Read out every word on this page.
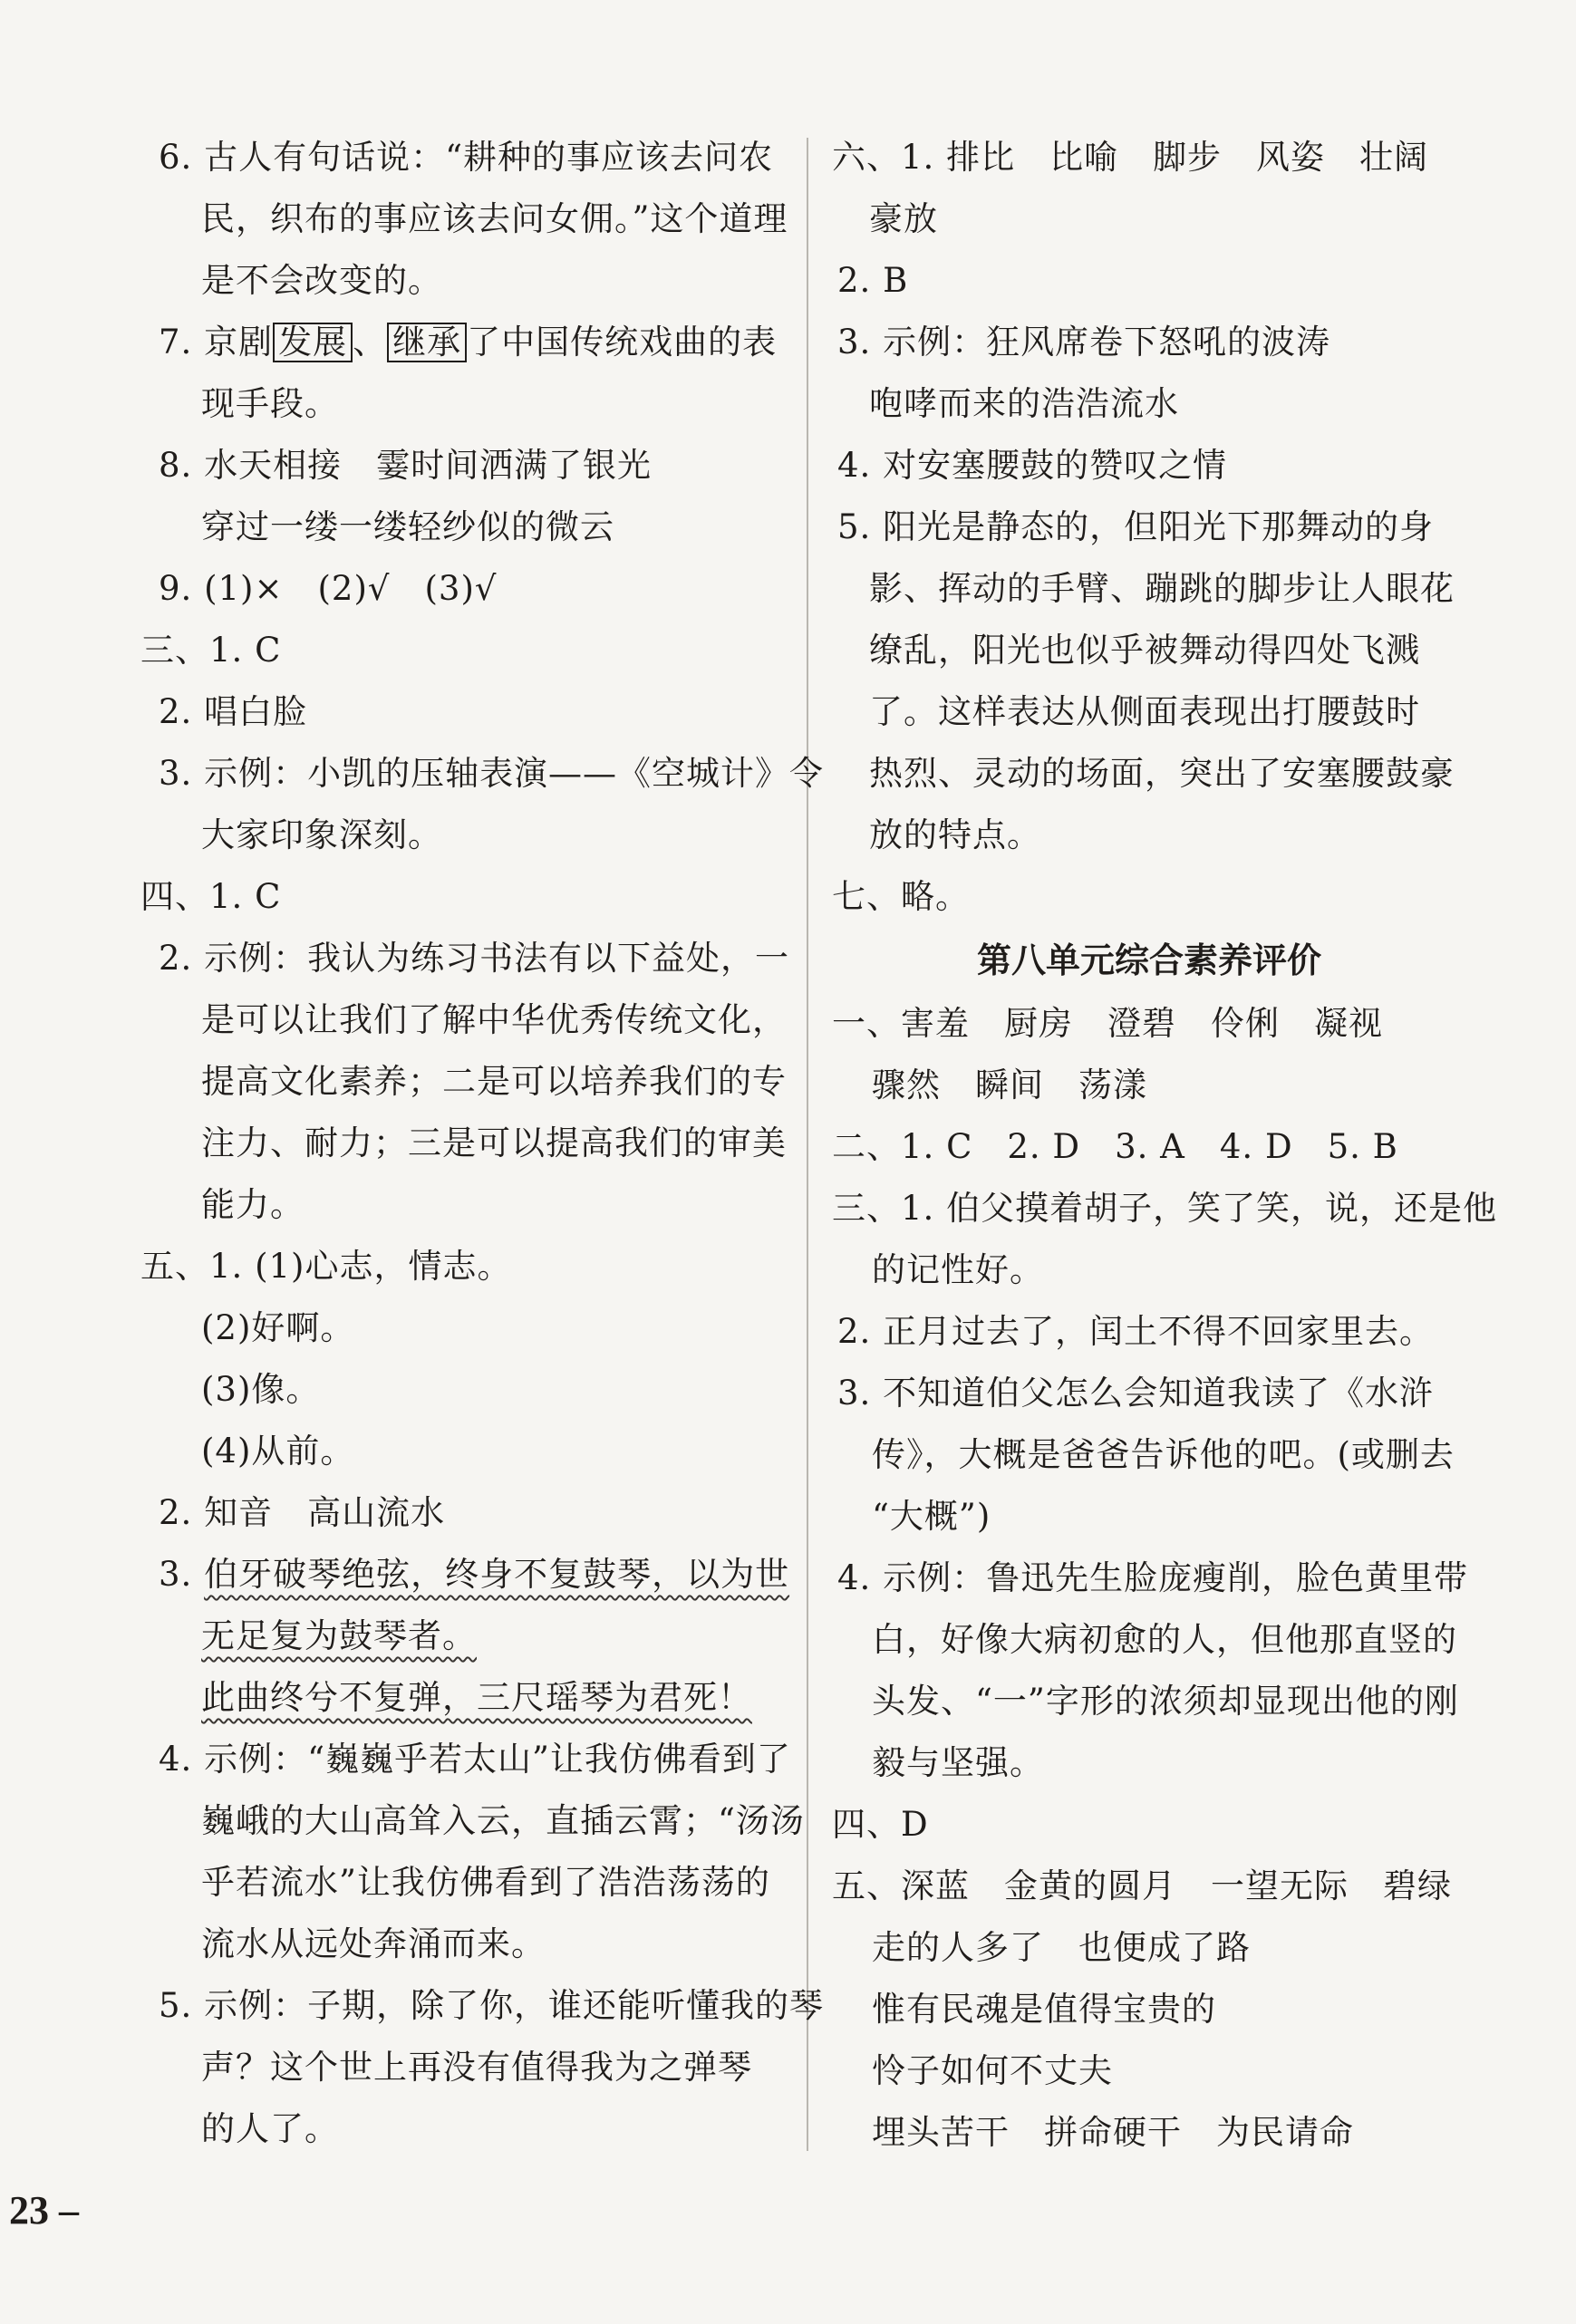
6. 古人有句话说：“耕种的事应该去问农
民，织布的事应该去问女佣。”这个道理
是不会改变的。
7. 京剧 发展 、 继承 了中国传统戏曲的表
现手段。
8. 水天相接　霎时间洒满了银光
穿过一缕一缕轻纱似的微云
9. (1)×　(2)√　(3)√
三、1. C
2. 唱白脸
3. 示例：小凯的压轴表演——《空城计》令
大家印象深刻。
四、1. C
2. 示例：我认为练习书法有以下益处，一
是可以让我们了解中华优秀传统文化，
提高文化素养；二是可以培养我们的专
注力、耐力；三是可以提高我们的审美
能力。
五、1. (1)心志，情志。
(2)好啊。
(3)像。
(4)从前。
2. 知音　高山流水
3. 伯牙破琴绝弦，终身不复鼓琴，以为世
无足复为鼓琴者。
此曲终兮不复弹，三尺瑶琴为君死！
4. 示例：“巍巍乎若太山”让我仿佛看到了
巍峨的大山高耸入云，直插云霄；“汤汤
乎若流水”让我仿佛看到了浩浩荡荡的
流水从远处奔涌而来。
5. 示例：子期，除了你，谁还能听懂我的琴
声？这个世上再没有值得我为之弹琴
的人了。
六、1. 排比　比喻　脚步　风姿　壮阔
豪放
2. B
3. 示例：狂风席卷下怒吼的波涛
咆哮而来的浩浩流水
4. 对安塞腰鼓的赞叹之情
5. 阳光是静态的，但阳光下那舞动的身
影、挥动的手臂、蹦跳的脚步让人眼花
缭乱，阳光也似乎被舞动得四处飞溅
了。这样表达从侧面表现出打腰鼓时
热烈、灵动的场面，突出了安塞腰鼓豪
放的特点。
七、略。
第八单元综合素养评价
一、害羞　厨房　澄碧　伶俐　凝视
骤然　瞬间　荡漾
二、1. C　2. D　3. A　4. D　5. B
三、1. 伯父摸着胡子，笑了笑，说，还是他
的记性好。
2. 正月过去了，闰土不得不回家里去。
3. 不知道伯父怎么会知道我读了《水浒
传》，大概是爸爸告诉他的吧。(或删去
“大概”)
4. 示例：鲁迅先生脸庞瘦削，脸色黄里带
白，好像大病初愈的人，但他那直竖的
头发、“一”字形的浓须却显现出他的刚
毅与坚强。
四、D
五、深蓝　金黄的圆月　一望无际　碧绿
走的人多了　也便成了路
惟有民魂是值得宝贵的
怜子如何不丈夫
埋头苦干　拼命硬干　为民请命
23 –
